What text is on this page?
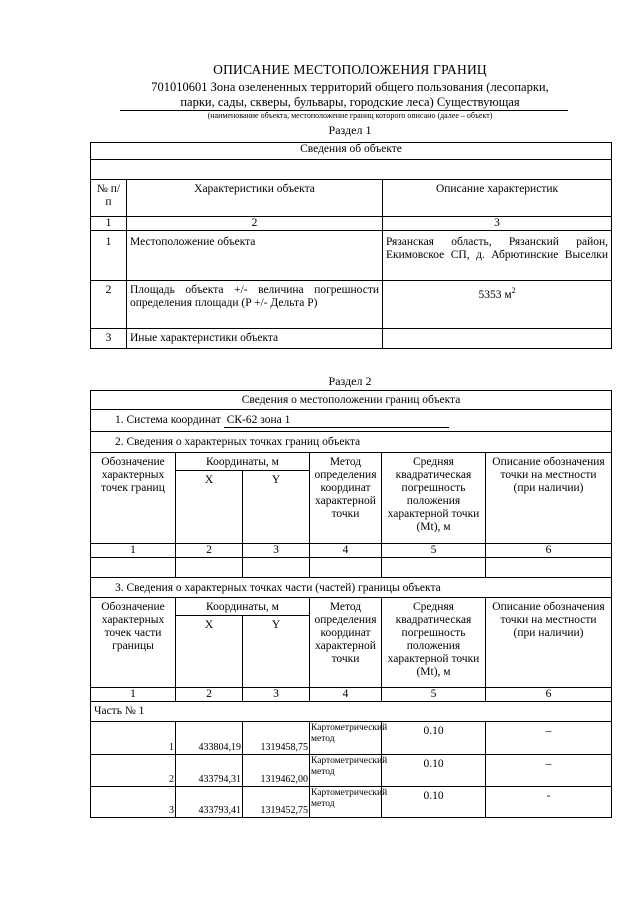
ОПИСАНИЕ МЕСТОПОЛОЖЕНИЯ ГРАНИЦ
701010601 Зона озелененных территорий общего пользования (лесопарки,
парки, сады, скверы, бульвары, городские леса) Существующая
(наименование объекта, местоположение границ которого описано (далее – объект)
Раздел 1
Сведения об объекте		

№ п/п	Характеристики объекта	Описание характеристик
1	2	3
1	Местоположение объекта	Рязанская область, Рязанский район, Екимовское СП, д. Абрютинские Выселки
2	Площадь объекта +/- величина погрешности определения площади (P +/- Дельта P)	5353 $м^2$
3	Иные характеристики объекта	
Раздел 2
Сведения о местоположении границ объекта					
1. Система координат СК-62 зона 1					
2. Сведения о характерных точках границ объекта					
Обозначение характерных точек границ	Координаты, м		Метод определения координат характерной точки	Средняя квадратическая погрешность положения характерной точки (Mt), м	Описание обозначения точки на местности (при наличии)
	X	Y			
1	2	3	4	5	6

3. Сведения о характерных точках части (частей) границы объекта					
Обозначение характерных точек части границы	Координаты, м		Метод определения координат характерной точки	Средняя квадратическая погрешность положения характерной точки (Mt), м	Описание обозначения точки на местности (при наличии)
	X	Y			
1	2	3	4	5	6
Часть № 1					
1	433804,19	1319458,75	Картометрический метод	0.10	–
2	433794,31	1319462,00	Картометрический метод	0.10	–
3	433793,41	1319452,75	Картометрический метод	0.10	-
